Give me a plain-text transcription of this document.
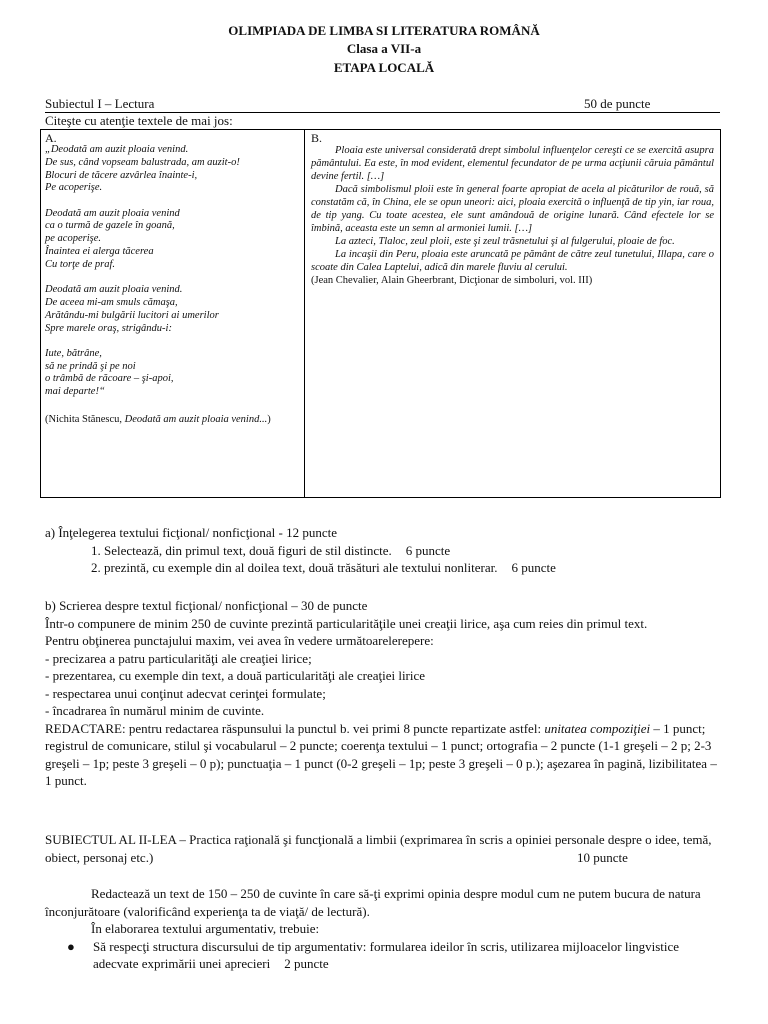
OLIMPIADA DE LIMBA SI LITERATURA ROMÂNĂ
Clasa a VII-a
ETAPA LOCALĂ
Subiectul I – Lectura	50 de puncte
Citeşte cu atenţie textele de mai jos:
A.
„Deodată am auzit ploaia venind.
De sus, când vopseam balustrada, am auzit-o!
Blocuri de tăcere azvârlea înainte-i,
Pe acoperişe.
Deodată am auzit ploaia venind
ca o turmă de gazele în goană,
pe acoperişe.
Înaintea ei alerga tăcerea
Cu torţe de praf.
Deodată am auzit ploaia venind.
De aceea mi-am smuls cămaşa,
Arătându-mi bulgării lucitori ai umerilor
Spre marele oraş, strigându-i:
Iute, bătrâne,
să ne prindă şi pe noi
o trâmbă de răcoare – şi-apoi,
mai departe!“
(Nichita Stănescu, Deodată am auzit ploaia venind...)
B.

Ploaia este universal considerată drept simbolul influenţelor cereşti ce se exercită asupra pământului. Ea este, în mod evident, elementul fecundator de pe urma acţiunii căruia pământul devine fertil. […]

Dacă simbolismul ploii este în general foarte apropiat de acela al picăturilor de rouă, să constatăm că, în China, ele se opun uneori: aici, ploaia exercită o influenţă de tip yin, iar roua, de tip yang. Cu toate acestea, ele sunt amândouă de origine lunară. Când efectele lor se îmbină, aceasta este un semn al armoniei lumii. […]

La azteci, Tlaloc, zeul ploii, este şi zeul trăsnetului şi al fulgerului, ploaie de foc.

La incaşii din Peru, ploaia este aruncată pe pământ de către zeul tunetului, Illapa, care o scoate din Calea Laptelui, adică din marele fluviu al cerului.

(Jean Chevalier, Alain Gheerbrant, Dicţionar de simboluri, vol. III)

a) Înţelegerea textului ficţional/ nonficţional - 12 puncte

1. Selectează, din primul text, două figuri de stil distincte. 6 puncte

2. prezintă, cu exemple din al doilea text, două trăsături ale textului nonliterar. 6 puncte

b) Scrierea despre textul ficţional/ nonficţional – 30 de puncte

Într-o compunere de minim 250 de cuvinte prezintă particularităţile unei creaţii lirice, aşa cum reies din primul text.

Pentru obţinerea punctajului maxim, vei avea în vedere următoarelerepere:

- precizarea a patru particularităţi ale creaţiei lirice;

- prezentarea, cu exemple din text, a două particularităţi ale creaţiei lirice

- respectarea unui conţinut adecvat cerinţei formulate;

- încadrarea în numărul minim de cuvinte.

REDACTARE: pentru redactarea răspunsului la punctul b. vei primi 8 puncte repartizate astfel: unitatea compoziţiei – 1 punct; registrul de comunicare, stilul şi vocabularul – 2 puncte; coerenţa textului – 1 punct; ortografia – 2 puncte (1-1 greşeli – 2 p; 2-3 greşeli – 1p; peste 3 greşeli – 0 p); punctuaţia – 1 punct (0-2 greşeli – 1p; peste 3 greşeli – 0 p.); aşezarea în pagină, lizibilitatea – 1 punct.

SUBIECTUL AL II-LEA – Practica raţională şi funcţională a limbii (exprimarea în scris a opiniei personale despre o idee, temă, obiect, personaj etc.)	10 puncte

Redactează un text de 150 – 250 de cuvinte în care să-ţi exprimi opinia despre modul cum ne putem bucura de natura înconjurătoare (valorificând experienţa ta de viaţă/ de lectură).

În elaborarea textului argumentativ, trebuie:

● Să respecţi structura discursului de tip argumentativ: formularea ideilor în scris, utilizarea mijloacelor lingvistice adecvate exprimării unei aprecieri 2 puncte
